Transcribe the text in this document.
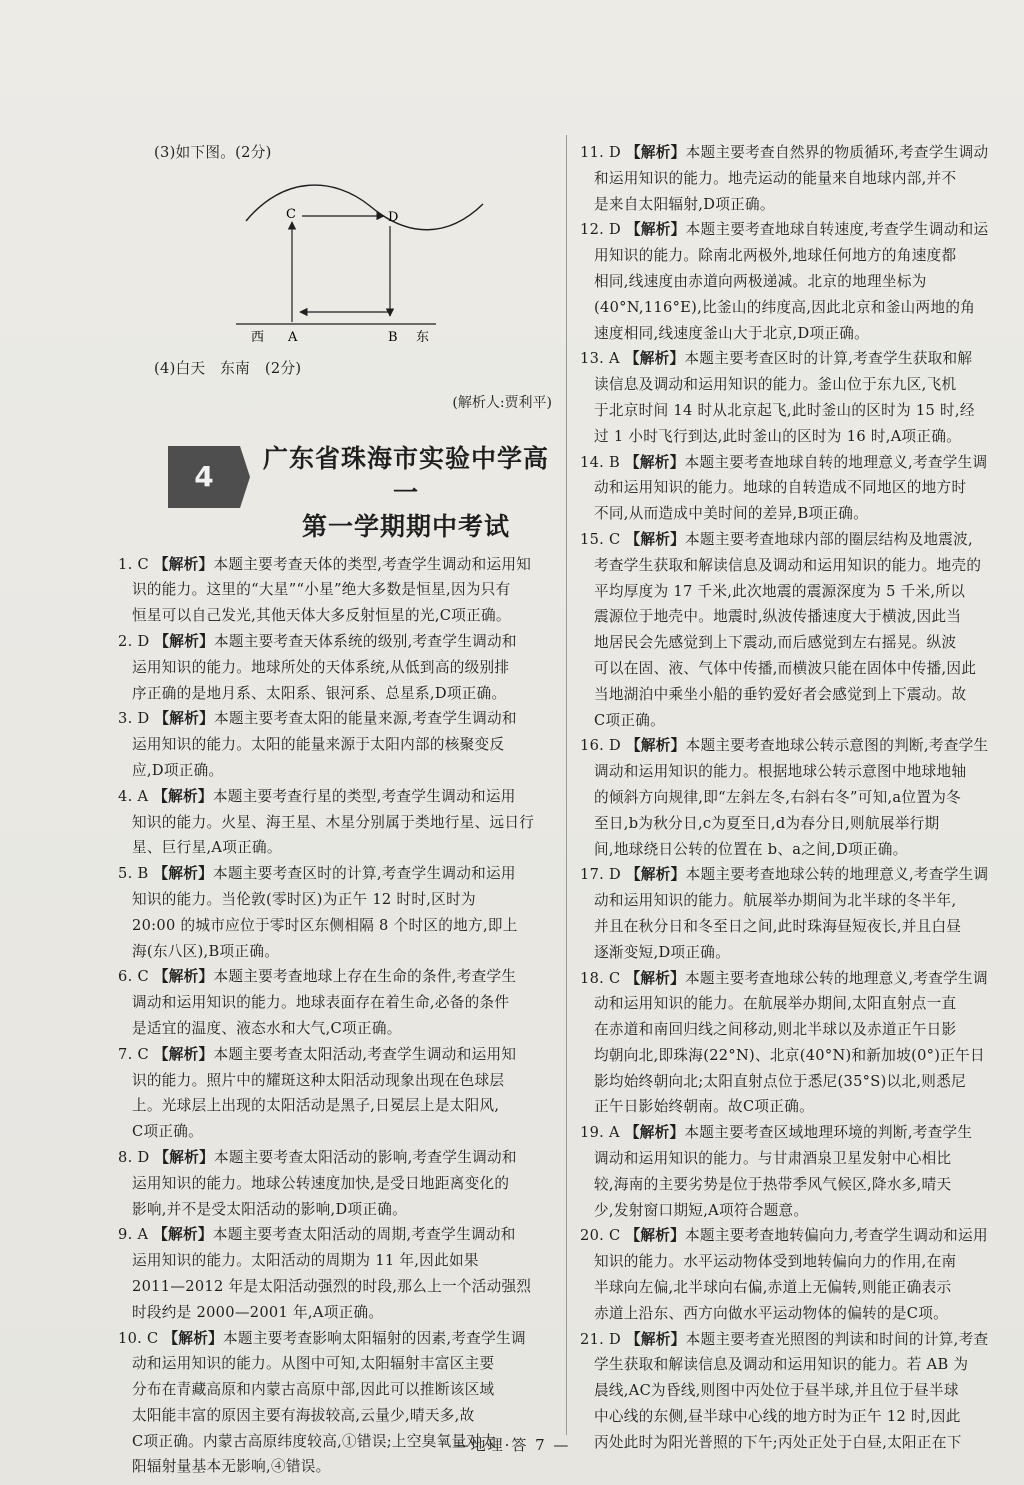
(3)如下图。(2分)
C	D
西 A	B 东
(4)白天　东南　(2分)
(解析人:贾利平)
4
广东省珠海市实验中学高一
第一学期期中考试
1. C 【解析】本题主要考查天体的类型,考查学生调动和运用知
识的能力。这里的“大星”“小星”绝大多数是恒星,因为只有
恒星可以自己发光,其他天体大多反射恒星的光,C项正确。
2. D 【解析】本题主要考查天体系统的级别,考查学生调动和
运用知识的能力。地球所处的天体系统,从低到高的级别排
序正确的是地月系、太阳系、银河系、总星系,D项正确。
3. D 【解析】本题主要考查太阳的能量来源,考查学生调动和
运用知识的能力。太阳的能量来源于太阳内部的核聚变反
应,D项正确。
4. A 【解析】本题主要考查行星的类型,考查学生调动和运用
知识的能力。火星、海王星、木星分别属于类地行星、远日行
星、巨行星,A项正确。
5. B 【解析】本题主要考查区时的计算,考查学生调动和运用
知识的能力。当伦敦(零时区)为正午 12 时时,区时为
20:00 的城市应位于零时区东侧相隔 8 个时区的地方,即上
海(东八区),B项正确。
6. C 【解析】本题主要考查地球上存在生命的条件,考查学生
调动和运用知识的能力。地球表面存在着生命,必备的条件
是适宜的温度、液态水和大气,C项正确。
7. C 【解析】本题主要考查太阳活动,考查学生调动和运用知
识的能力。照片中的耀斑这种太阳活动现象出现在色球层
上。光球层上出现的太阳活动是黑子,日冕层上是太阳风,
C项正确。
8. D 【解析】本题主要考查太阳活动的影响,考查学生调动和
运用知识的能力。地球公转速度加快,是受日地距离变化的
影响,并不是受太阳活动的影响,D项正确。
9. A 【解析】本题主要考查太阳活动的周期,考查学生调动和
运用知识的能力。太阳活动的周期为 11 年,因此如果
2011—2012 年是太阳活动强烈的时段,那么上一个活动强烈
时段约是 2000—2001 年,A项正确。
10. C 【解析】本题主要考查影响太阳辐射的因素,考查学生调
动和运用知识的能力。从图中可知,太阳辐射丰富区主要
分布在青藏高原和内蒙古高原中部,因此可以推断该区域
太阳能丰富的原因主要有海拔较高,云量少,晴天多,故
C项正确。内蒙古高原纬度较高,①错误;上空臭氧量对太
阳辐射量基本无影响,④错误。
11. D 【解析】本题主要考查自然界的物质循环,考查学生调动
和运用知识的能力。地壳运动的能量来自地球内部,并不
是来自太阳辐射,D项正确。
12. D 【解析】本题主要考查地球自转速度,考查学生调动和运
用知识的能力。除南北两极外,地球任何地方的角速度都
相同,线速度由赤道向两极递减。北京的地理坐标为
(40°N,116°E),比釜山的纬度高,因此北京和釜山两地的角
速度相同,线速度釜山大于北京,D项正确。
13. A 【解析】本题主要考查区时的计算,考查学生获取和解
读信息及调动和运用知识的能力。釜山位于东九区,飞机
于北京时间 14 时从北京起飞,此时釜山的区时为 15 时,经
过 1 小时飞行到达,此时釜山的区时为 16 时,A项正确。
14. B 【解析】本题主要考查地球自转的地理意义,考查学生调
动和运用知识的能力。地球的自转造成不同地区的地方时
不同,从而造成中美时间的差异,B项正确。
15. C 【解析】本题主要考查地球内部的圈层结构及地震波,
考查学生获取和解读信息及调动和运用知识的能力。地壳的
平均厚度为 17 千米,此次地震的震源深度为 5 千米,所以
震源位于地壳中。地震时,纵波传播速度大于横波,因此当
地居民会先感觉到上下震动,而后感觉到左右摇晃。纵波
可以在固、液、气体中传播,而横波只能在固体中传播,因此
当地湖泊中乘坐小船的垂钓爱好者会感觉到上下震动。故
C项正确。
16. D 【解析】本题主要考查地球公转示意图的判断,考查学生
调动和运用知识的能力。根据地球公转示意图中地球地轴
的倾斜方向规律,即“左斜左冬,右斜右冬”可知,a位置为冬
至日,b为秋分日,c为夏至日,d为春分日,则航展举行期
间,地球绕日公转的位置在 b、a之间,D项正确。
17. D 【解析】本题主要考查地球公转的地理意义,考查学生调
动和运用知识的能力。航展举办期间为北半球的冬半年,
并且在秋分日和冬至日之间,此时珠海昼短夜长,并且白昼
逐渐变短,D项正确。
18. C 【解析】本题主要考查地球公转的地理意义,考查学生调
动和运用知识的能力。在航展举办期间,太阳直射点一直
在赤道和南回归线之间移动,则北半球以及赤道正午日影
均朝向北,即珠海(22°N)、北京(40°N)和新加坡(0°)正午日
影均始终朝向北;太阳直射点位于悉尼(35°S)以北,则悉尼
正午日影始终朝南。故C项正确。
19. A 【解析】本题主要考查区域地理环境的判断,考查学生
调动和运用知识的能力。与甘肃酒泉卫星发射中心相比
较,海南的主要劣势是位于热带季风气候区,降水多,晴天
少,发射窗口期短,A项符合题意。
20. C 【解析】本题主要考查地转偏向力,考查学生调动和运用
知识的能力。水平运动物体受到地转偏向力的作用,在南
半球向左偏,北半球向右偏,赤道上无偏转,则能正确表示
赤道上沿东、西方向做水平运动物体的偏转的是C项。
21. D 【解析】本题主要考查光照图的判读和时间的计算,考查
学生获取和解读信息及调动和运用知识的能力。若 AB 为
晨线,AC为昏线,则图中丙处位于昼半球,并且位于昼半球
中心线的东侧,昼半球中心线的地方时为正午 12 时,因此
丙处此时为阳光普照的下午;丙处正处于白昼,太阳正在下
—地理·答 7 —
